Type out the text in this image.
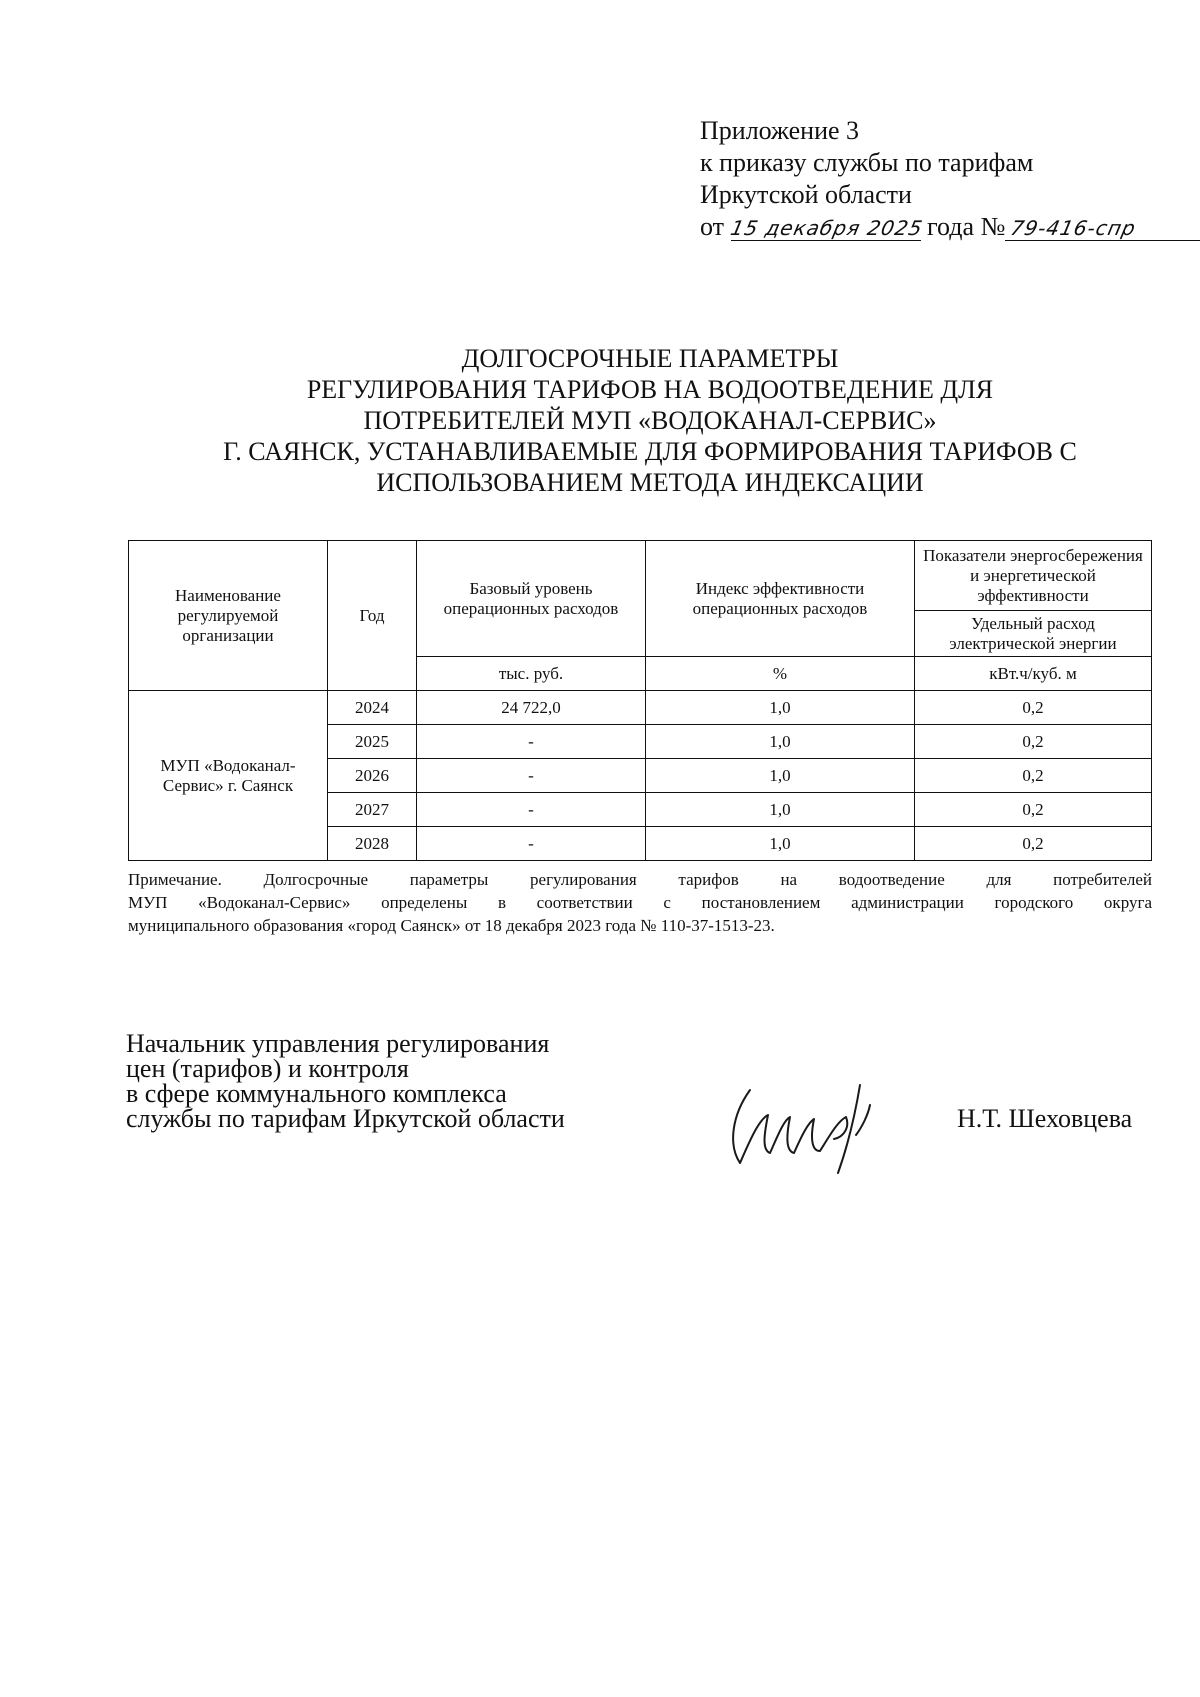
Приложение 3
к приказу службы по тарифам
Иркутской области
от 15 декабря 2025 года № 79-416-спр
ДОЛГОСРОЧНЫЕ ПАРАМЕТРЫ
РЕГУЛИРОВАНИЯ ТАРИФОВ НА ВОДООТВЕДЕНИЕ ДЛЯ
ПОТРЕБИТЕЛЕЙ МУП «ВОДОКАНАЛ-СЕРВИС»
Г. САЯНСК, УСТАНАВЛИВАЕМЫЕ ДЛЯ ФОРМИРОВАНИЯ ТАРИФОВ С
ИСПОЛЬЗОВАНИЕМ МЕТОДА ИНДЕКСАЦИИ
Наименование регулируемой организации	Год	Базовый уровень операционных расходов	Индекс эффективности операционных расходов	Показатели энергосбережения и энергетической эффективности
				Удельный расход электрической энергии
		тыс. руб.	%	кВт.ч/куб. м
МУП «Водоканал-Сервис» г. Саянск	2024	24 722,0	1,0	0,2
	2025	-	1,0	0,2
	2026	-	1,0	0,2
	2027	-	1,0	0,2
	2028	-	1,0	0,2
Примечание. Долгосрочные параметры регулирования тарифов на водоотведение для потребителей
МУП «Водоканал-Сервис» определены в соответствии с постановлением администрации городского округа
муниципального образования «город Саянск» от 18 декабря 2023 года № 110-37-1513-23.
Начальник управления регулирования
цен (тарифов) и контроля
в сфере коммунального комплекса
службы по тарифам Иркутской области	Н.Т. Шеховцева
